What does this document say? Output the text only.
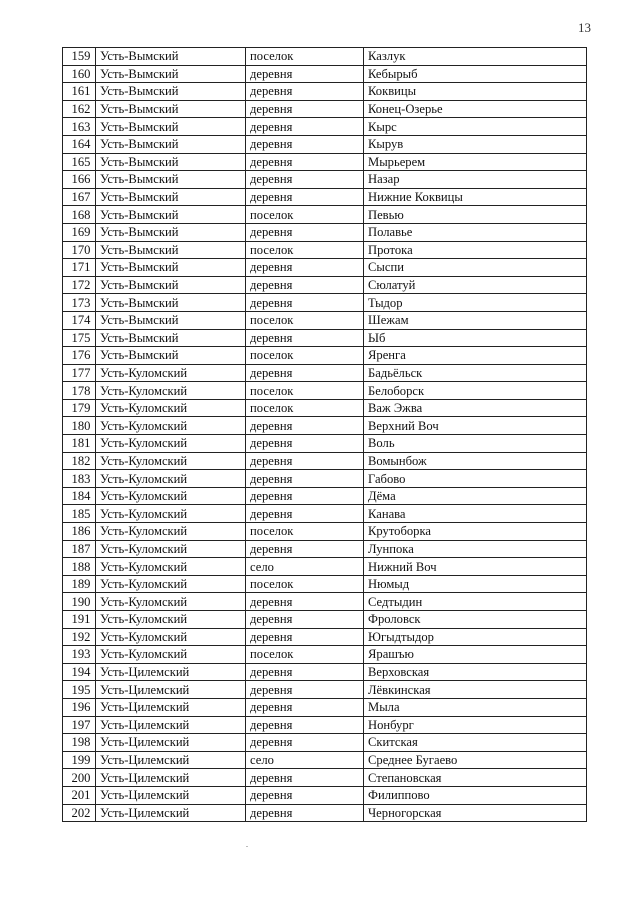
13
159	Усть-Вымский	поселок	Казлук
160	Усть-Вымский	деревня	Кебырыб
161	Усть-Вымский	деревня	Коквицы
162	Усть-Вымский	деревня	Конец-Озерье
163	Усть-Вымский	деревня	Кырс
164	Усть-Вымский	деревня	Кырув
165	Усть-Вымский	деревня	Мырьерем
166	Усть-Вымский	деревня	Назар
167	Усть-Вымский	деревня	Нижние Коквицы
168	Усть-Вымский	поселок	Певью
169	Усть-Вымский	деревня	Полавье
170	Усть-Вымский	поселок	Протока
171	Усть-Вымский	деревня	Сыспи
172	Усть-Вымский	деревня	Сюлатуй
173	Усть-Вымский	деревня	Тыдор
174	Усть-Вымский	поселок	Шежам
175	Усть-Вымский	деревня	Ыб
176	Усть-Вымский	поселок	Яренга
177	Усть-Куломский	деревня	Бадьёльск
178	Усть-Куломский	поселок	Белоборск
179	Усть-Куломский	поселок	Важ Эжва
180	Усть-Куломский	деревня	Верхний Воч
181	Усть-Куломский	деревня	Воль
182	Усть-Куломский	деревня	Вомынбож
183	Усть-Куломский	деревня	Габово
184	Усть-Куломский	деревня	Дёма
185	Усть-Куломский	деревня	Канава
186	Усть-Куломский	поселок	Крутоборка
187	Усть-Куломский	деревня	Лунпока
188	Усть-Куломский	село	Нижний Воч
189	Усть-Куломский	поселок	Нюмыд
190	Усть-Куломский	деревня	Седтыдин
191	Усть-Куломский	деревня	Фроловск
192	Усть-Куломский	деревня	Югыдтыдор
193	Усть-Куломский	поселок	Ярашъю
194	Усть-Цилемский	деревня	Верховская
195	Усть-Цилемский	деревня	Лёвкинская
196	Усть-Цилемский	деревня	Мыла
197	Усть-Цилемский	деревня	Нонбург
198	Усть-Цилемский	деревня	Скитская
199	Усть-Цилемский	село	Среднее Бугаево
200	Усть-Цилемский	деревня	Степановская
201	Усть-Цилемский	деревня	Филиппово
202	Усть-Цилемский	деревня	Черногорская
